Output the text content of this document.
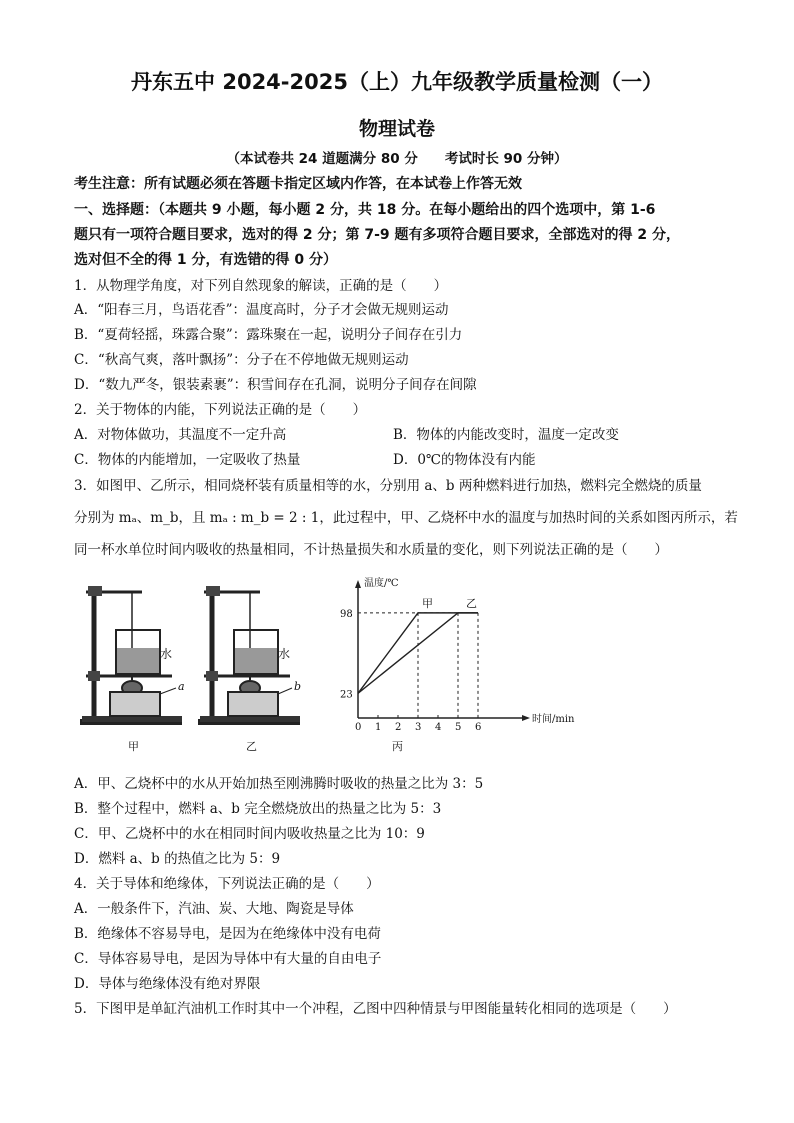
丹东五中 2024-2025（上）九年级教学质量检测（一）
物理试卷
（本试卷共 24 道题满分 80 分　　考试时长 90 分钟）
考生注意：所有试题必须在答题卡指定区域内作答，在本试卷上作答无效
一、选择题：（本题共 9 小题，每小题 2 分，共 18 分。在每小题给出的四个选项中，第 1-6
题只有一项符合题目要求，选对的得 2 分；第 7-9 题有多项符合题目要求，全部选对的得 2 分，
选对但不全的得 1 分，有选错的得 0 分）
1．从物理学角度，对下列自然现象的解读，正确的是（　　）
A．“阳春三月，鸟语花香”：温度高时，分子才会做无规则运动
B．“夏荷轻摇，珠露合聚”：露珠聚在一起，说明分子间存在引力
C．“秋高气爽，落叶飘扬”：分子在不停地做无规则运动
D．“数九严冬，银装素裹”：积雪间存在孔洞，说明分子间存在间隙
2．关于物体的内能，下列说法正确的是（　　）
A．对物体做功，其温度不一定升高	B．物体的内能改变时，温度一定改变
C．物体的内能增加，一定吸收了热量	D．0℃的物体没有内能
3．如图甲、乙所示，相同烧杯装有质量相等的水，分别用 a、b 两种燃料进行加热，燃料完全燃烧的质量
分别为 mₐ、m_b，且 mₐ : m_b = 2 : 1，此过程中，甲、乙烧杯中水的温度与加热时间的关系如图丙所示，若
同一杯水单位时间内吸收的热量相同，不计热量损失和水质量的变化，则下列说法正确的是（　　）
水
a
甲
水
b
乙
温度/℃
时间/min
丙
0 1 2 3 4 5 6
23
98
甲	乙
A．甲、乙烧杯中的水从开始加热至刚沸腾时吸收的热量之比为 3：5
B．整个过程中，燃料 a、b 完全燃烧放出的热量之比为 5：3
C．甲、乙烧杯中的水在相同时间内吸收热量之比为 10：9
D．燃料 a、b 的热值之比为 5：9
4．关于导体和绝缘体，下列说法正确的是（　　）
A．一般条件下，汽油、炭、大地、陶瓷是导体
B．绝缘体不容易导电，是因为在绝缘体中没有电荷
C．导体容易导电，是因为导体中有大量的自由电子
D．导体与绝缘体没有绝对界限
5．下图甲是单缸汽油机工作时其中一个冲程，乙图中四种情景与甲图能量转化相同的选项是（　　）
